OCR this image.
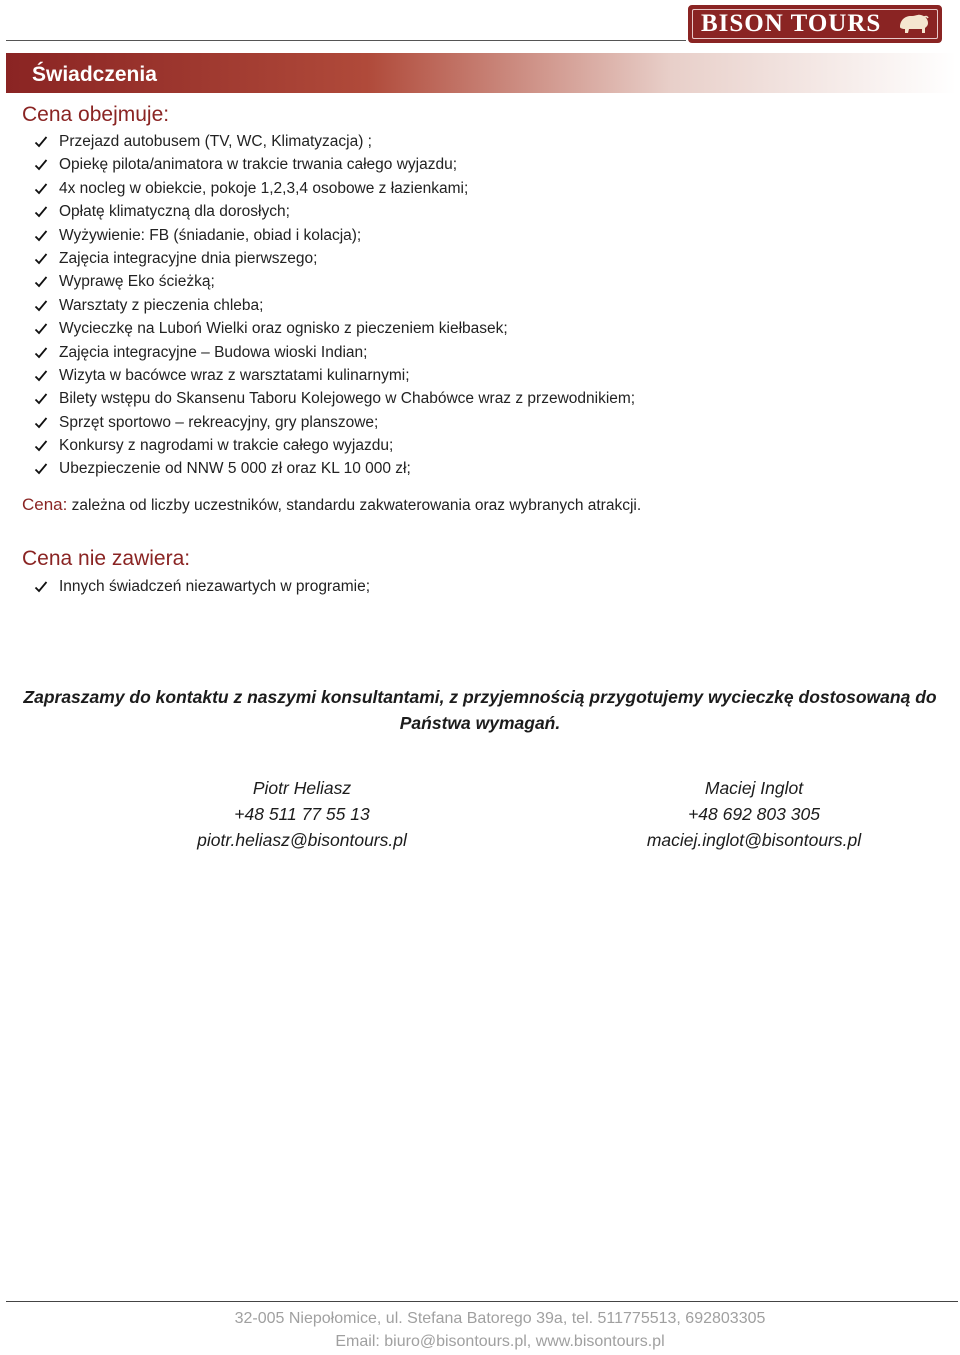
BISON TOURS
Świadczenia
Cena obejmuje:
Przejazd autobusem (TV, WC, Klimatyzacja) ;
Opiekę pilota/animatora w trakcie trwania całego wyjazdu;
4x nocleg w obiekcie, pokoje 1,2,3,4 osobowe z łazienkami;
Opłatę klimatyczną dla dorosłych;
Wyżywienie: FB (śniadanie, obiad i kolacja);
Zajęcia integracyjne dnia pierwszego;
Wyprawę Eko ścieżką;
Warsztaty z pieczenia chleba;
Wycieczkę na Luboń Wielki oraz ognisko z pieczeniem kiełbasek;
Zajęcia integracyjne – Budowa wioski Indian;
Wizyta w bacówce wraz z warsztatami kulinarnymi;
Bilety wstępu do Skansenu Taboru Kolejowego w Chabówce wraz z przewodnikiem;
Sprzęt sportowo – rekreacyjny, gry planszowe;
Konkursy z nagrodami w trakcie całego wyjazdu;
Ubezpieczenie od NNW 5 000 zł oraz KL 10 000 zł;
Cena: zależna od liczby uczestników, standardu zakwaterowania oraz wybranych atrakcji.
Cena nie zawiera:
Innych świadczeń niezawartych w programie;
Zapraszamy do kontaktu z naszymi konsultantami, z przyjemnością przygotujemy wycieczkę dostosowaną do Państwa wymagań.
Piotr Heliasz
+48 511 77 55 13
piotr.heliasz@bisontours.pl
Maciej Inglot
+48 692 803 305
maciej.inglot@bisontours.pl
32-005 Niepołomice, ul. Stefana Batorego 39a, tel. 511775513, 692803305
Email: biuro@bisontours.pl, www.bisontours.pl
